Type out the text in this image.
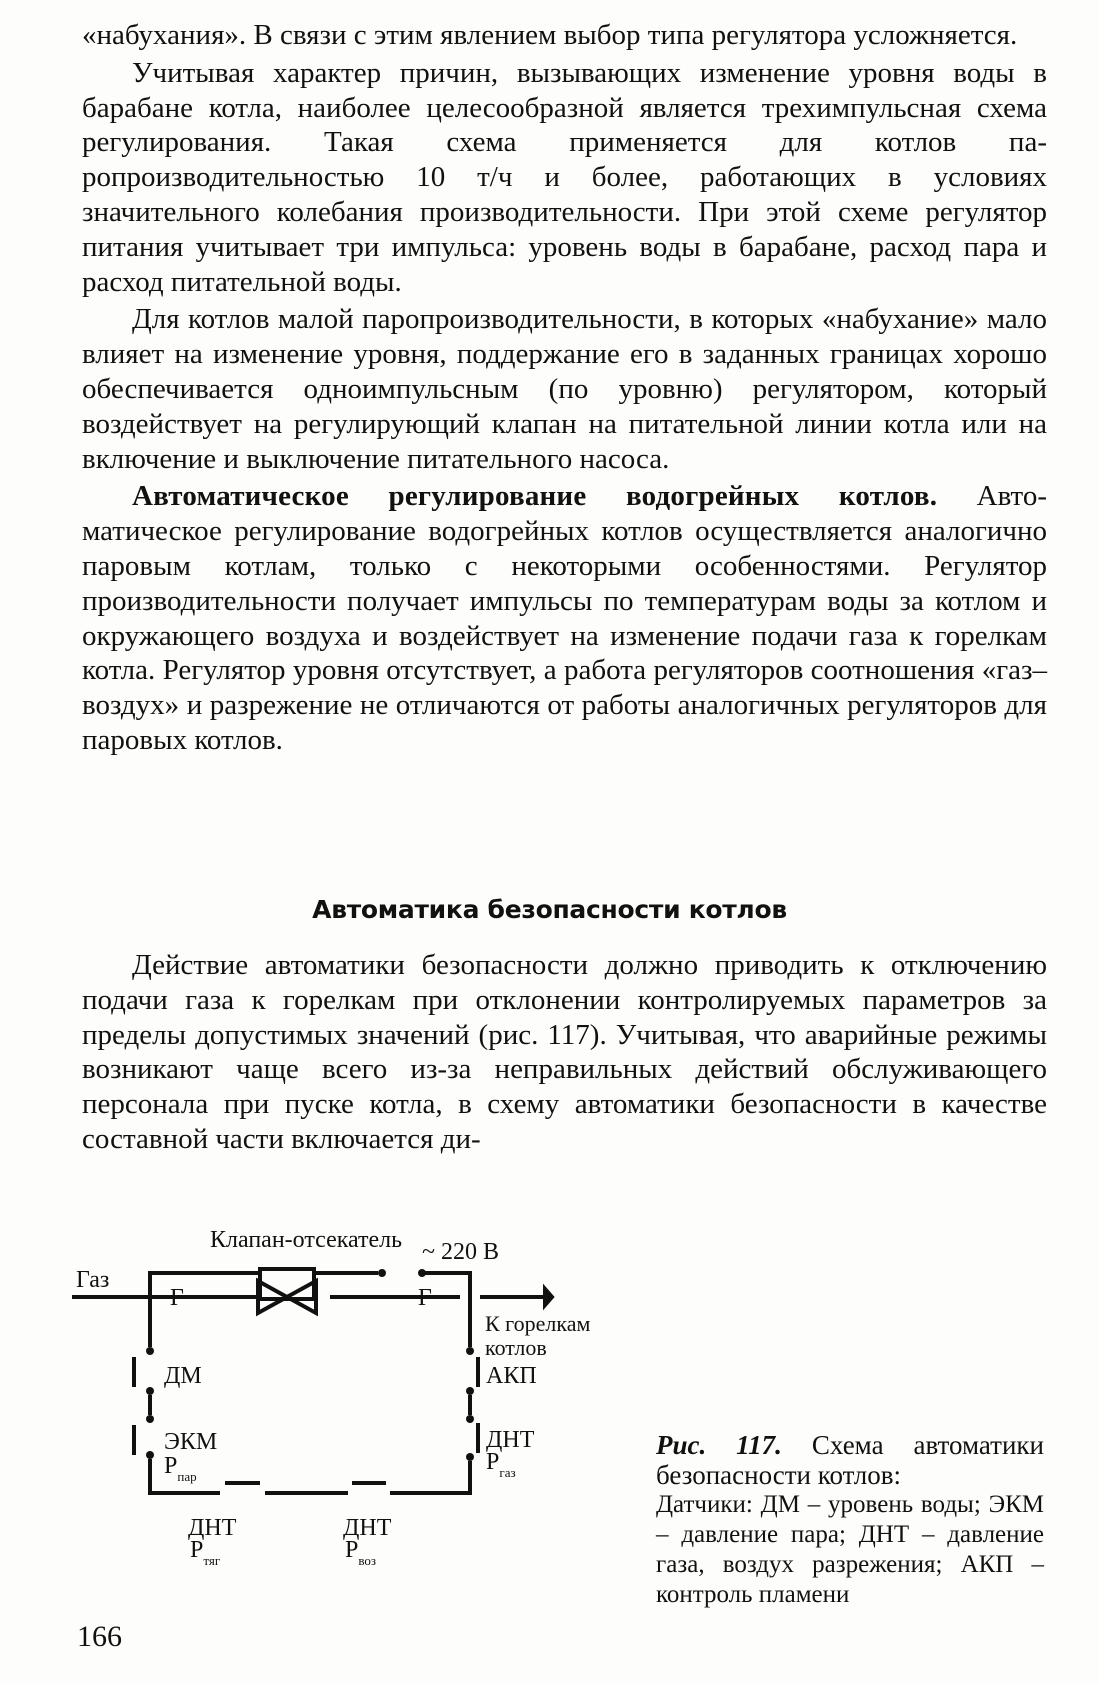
«набухания». В связи с этим явлением выбор типа регулятора усложняется.

Учитывая характер причин, вызывающих изменение уровня воды в барабане котла, наиболее целесообразной является трехимпульсная схема регулирования. Такая схема применяется для котлов паропроизводительностью 10 т/ч и более, работающих в условиях значительного колебания производительности. При этой схеме регулятор питания учитывает три импульса: уровень воды в барабане, расход пара и расход питательной воды.

Для котлов малой паропроизводительности, в которых «набухание» мало влияет на изменение уровня, поддержание его в заданных границах хорошо обеспечивается одноимпульсным (по уровню) регулятором, который воздействует на регулирующий клапан на питательной линии котла или на включение и выключение питательного насоса.

Автоматическое регулирование водогрейных котлов. Автоматическое регулирование водогрейных котлов осуществляется аналогично паровым котлам, только с некоторыми особенностями. Регулятор производительности получает импульсы по температурам воды за котлом и окружающего воздуха и воздействует на изменение подачи газа к горелкам котла. Регулятор уровня отсутствует, а работа регуляторов соотношения «газ–воздух» и разрежение не отличаются от работы аналогичных регуляторов для паровых котлов.

Автоматика безопасности котлов

Действие автоматики безопасности должно приводить к отключению подачи газа к горелкам при отклонении контролируемых параметров за пределы допустимых значений (рис. 117). Учитывая, что аварийные режимы возникают чаще всего из-за неправильных действий обслуживающего персонала при пуске котла, в схему автоматики безопасности в качестве составной части включается ди-

Клапан-отсекатель ~ 220 В
Газ
Г	Г
К горелкам
котлов
ДМ
ЭКМ
$Р_{пар}$
АКП
ДНТ
$Р_{газ}$
ДНТ
$Р_{тяг}$
ДНТ
$Р_{воз}$
Рис. 117. Схема автоматики безопасности котлов:
Датчики: ДМ – уровень воды; ЭКМ – давление пара; ДНТ – давление газа, воздух разрежения; АКП – контроль пламени
166
